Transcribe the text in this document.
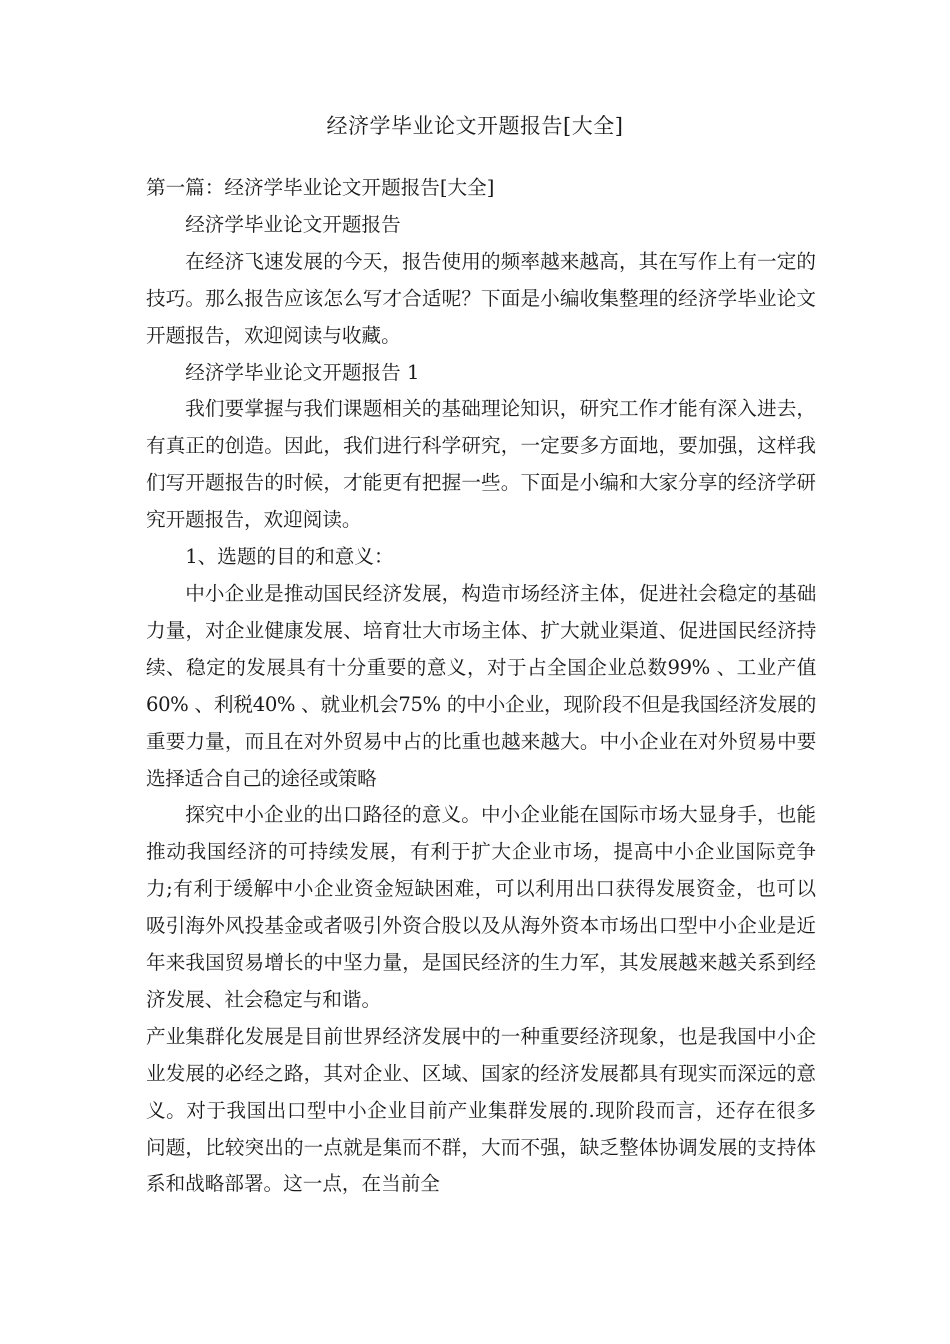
经济学毕业论文开题报告[大全]

第一篇：经济学毕业论文开题报告[大全]

经济学毕业论文开题报告

在经济飞速发展的今天，报告使用的频率越来越高，其在写作上有一定的技巧。那么报告应该怎么写才合适呢？下面是小编收集整理的经济学毕业论文开题报告，欢迎阅读与收藏。

经济学毕业论文开题报告 1

我们要掌握与我们课题相关的基础理论知识，研究工作才能有深入进去，有真正的创造。因此，我们进行科学研究，一定要多方面地，要加强，这样我们写开题报告的时候，才能更有把握一些。下面是小编和大家分享的经济学研究开题报告，欢迎阅读。

1、选题的目的和意义：

中小企业是推动国民经济发展，构造市场经济主体，促进社会稳定的基础力量，对企业健康发展、培育壮大市场主体、扩大就业渠道、促进国民经济持续、稳定的发展具有十分重要的意义，对于占全国企业总数99% 、工业产值60% 、利税40% 、就业机会75% 的中小企业，现阶段不但是我国经济发展的重要力量，而且在对外贸易中占的比重也越来越大。中小企业在对外贸易中要选择适合自己的途径或策略

探究中小企业的出口路径的意义。中小企业能在国际市场大显身手，也能推动我国经济的可持续发展，有利于扩大企业市场，提高中小企业国际竞争力;有利于缓解中小企业资金短缺困难，可以利用出口获得发展资金，也可以吸引海外风投基金或者吸引外资合股以及从海外资本市场出口型中小企业是近年来我国贸易增长的中坚力量，是国民经济的生力军，其发展越来越关系到经济发展、社会稳定与和谐。

产业集群化发展是目前世界经济发展中的一种重要经济现象，也是我国中小企业发展的必经之路，其对企业、区域、国家的经济发展都具有现实而深远的意义。对于我国出口型中小企业目前产业集群发展的.现阶段而言，还存在很多问题，比较突出的一点就是集而不群，大而不强，缺乏整体协调发展的支持体系和战略部署。这一点，在当前全
